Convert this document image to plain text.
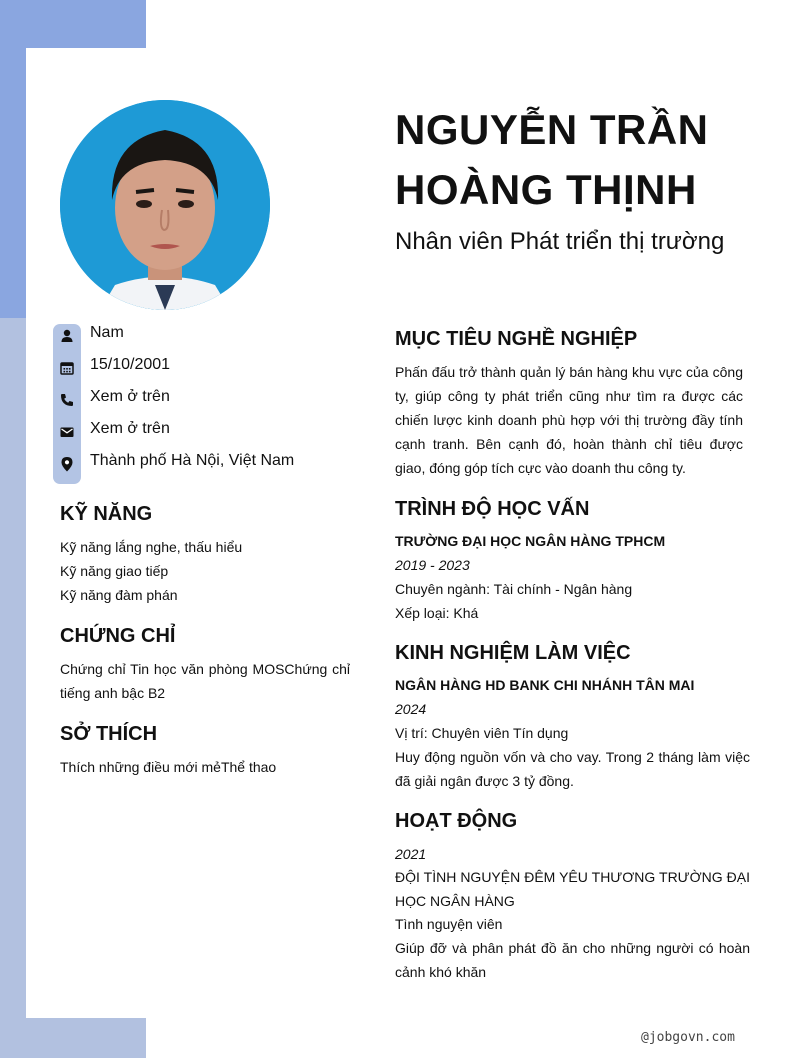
Nam
15/10/2001
Xem ở trên
Xem ở trên
Thành phố Hà Nội, Việt Nam
KỸ NĂNG
Kỹ năng lắng nghe, thấu hiểu
Kỹ năng giao tiếp
Kỹ năng đàm phán
CHỨNG CHỈ
Chứng chỉ Tin học văn phòng MOSChứng chỉ tiếng anh bậc B2
SỞ THÍCH
Thích những điều mới mẻThể thao
NGUYỄN TRẦN
HOÀNG THỊNH
Nhân viên Phát triển thị trường
MỤC TIÊU NGHỀ NGHIỆP
Phấn đấu trở thành quản lý bán hàng khu vực của công ty, giúp công ty phát triển cũng như tìm ra được các chiến lược kinh doanh phù hợp với thị trường đầy tính cạnh tranh. Bên cạnh đó, hoàn thành chỉ tiêu được giao, đóng góp tích cực vào doanh thu công ty.
TRÌNH ĐỘ HỌC VẤN
TRƯỜNG ĐẠI HỌC NGÂN HÀNG TPHCM
2019 - 2023
Chuyên ngành: Tài chính - Ngân hàng
Xếp loại: Khá
KINH NGHIỆM LÀM VIỆC
NGÂN HÀNG HD BANK CHI NHÁNH TÂN MAI
2024
Vị trí: Chuyên viên Tín dụng
Huy động nguồn vốn và cho vay. Trong 2 tháng làm việc đã giải ngân được 3 tỷ đồng.
HOẠT ĐỘNG
2021
ĐỘI TÌNH NGUYỆN ĐÊM YÊU THƯƠNG TRƯỜNG ĐẠI HỌC NGÂN HÀNG
Tình nguyện viên
Giúp đỡ và phân phát đồ ăn cho những người có hoàn cảnh khó khăn
@jobgovn.com
